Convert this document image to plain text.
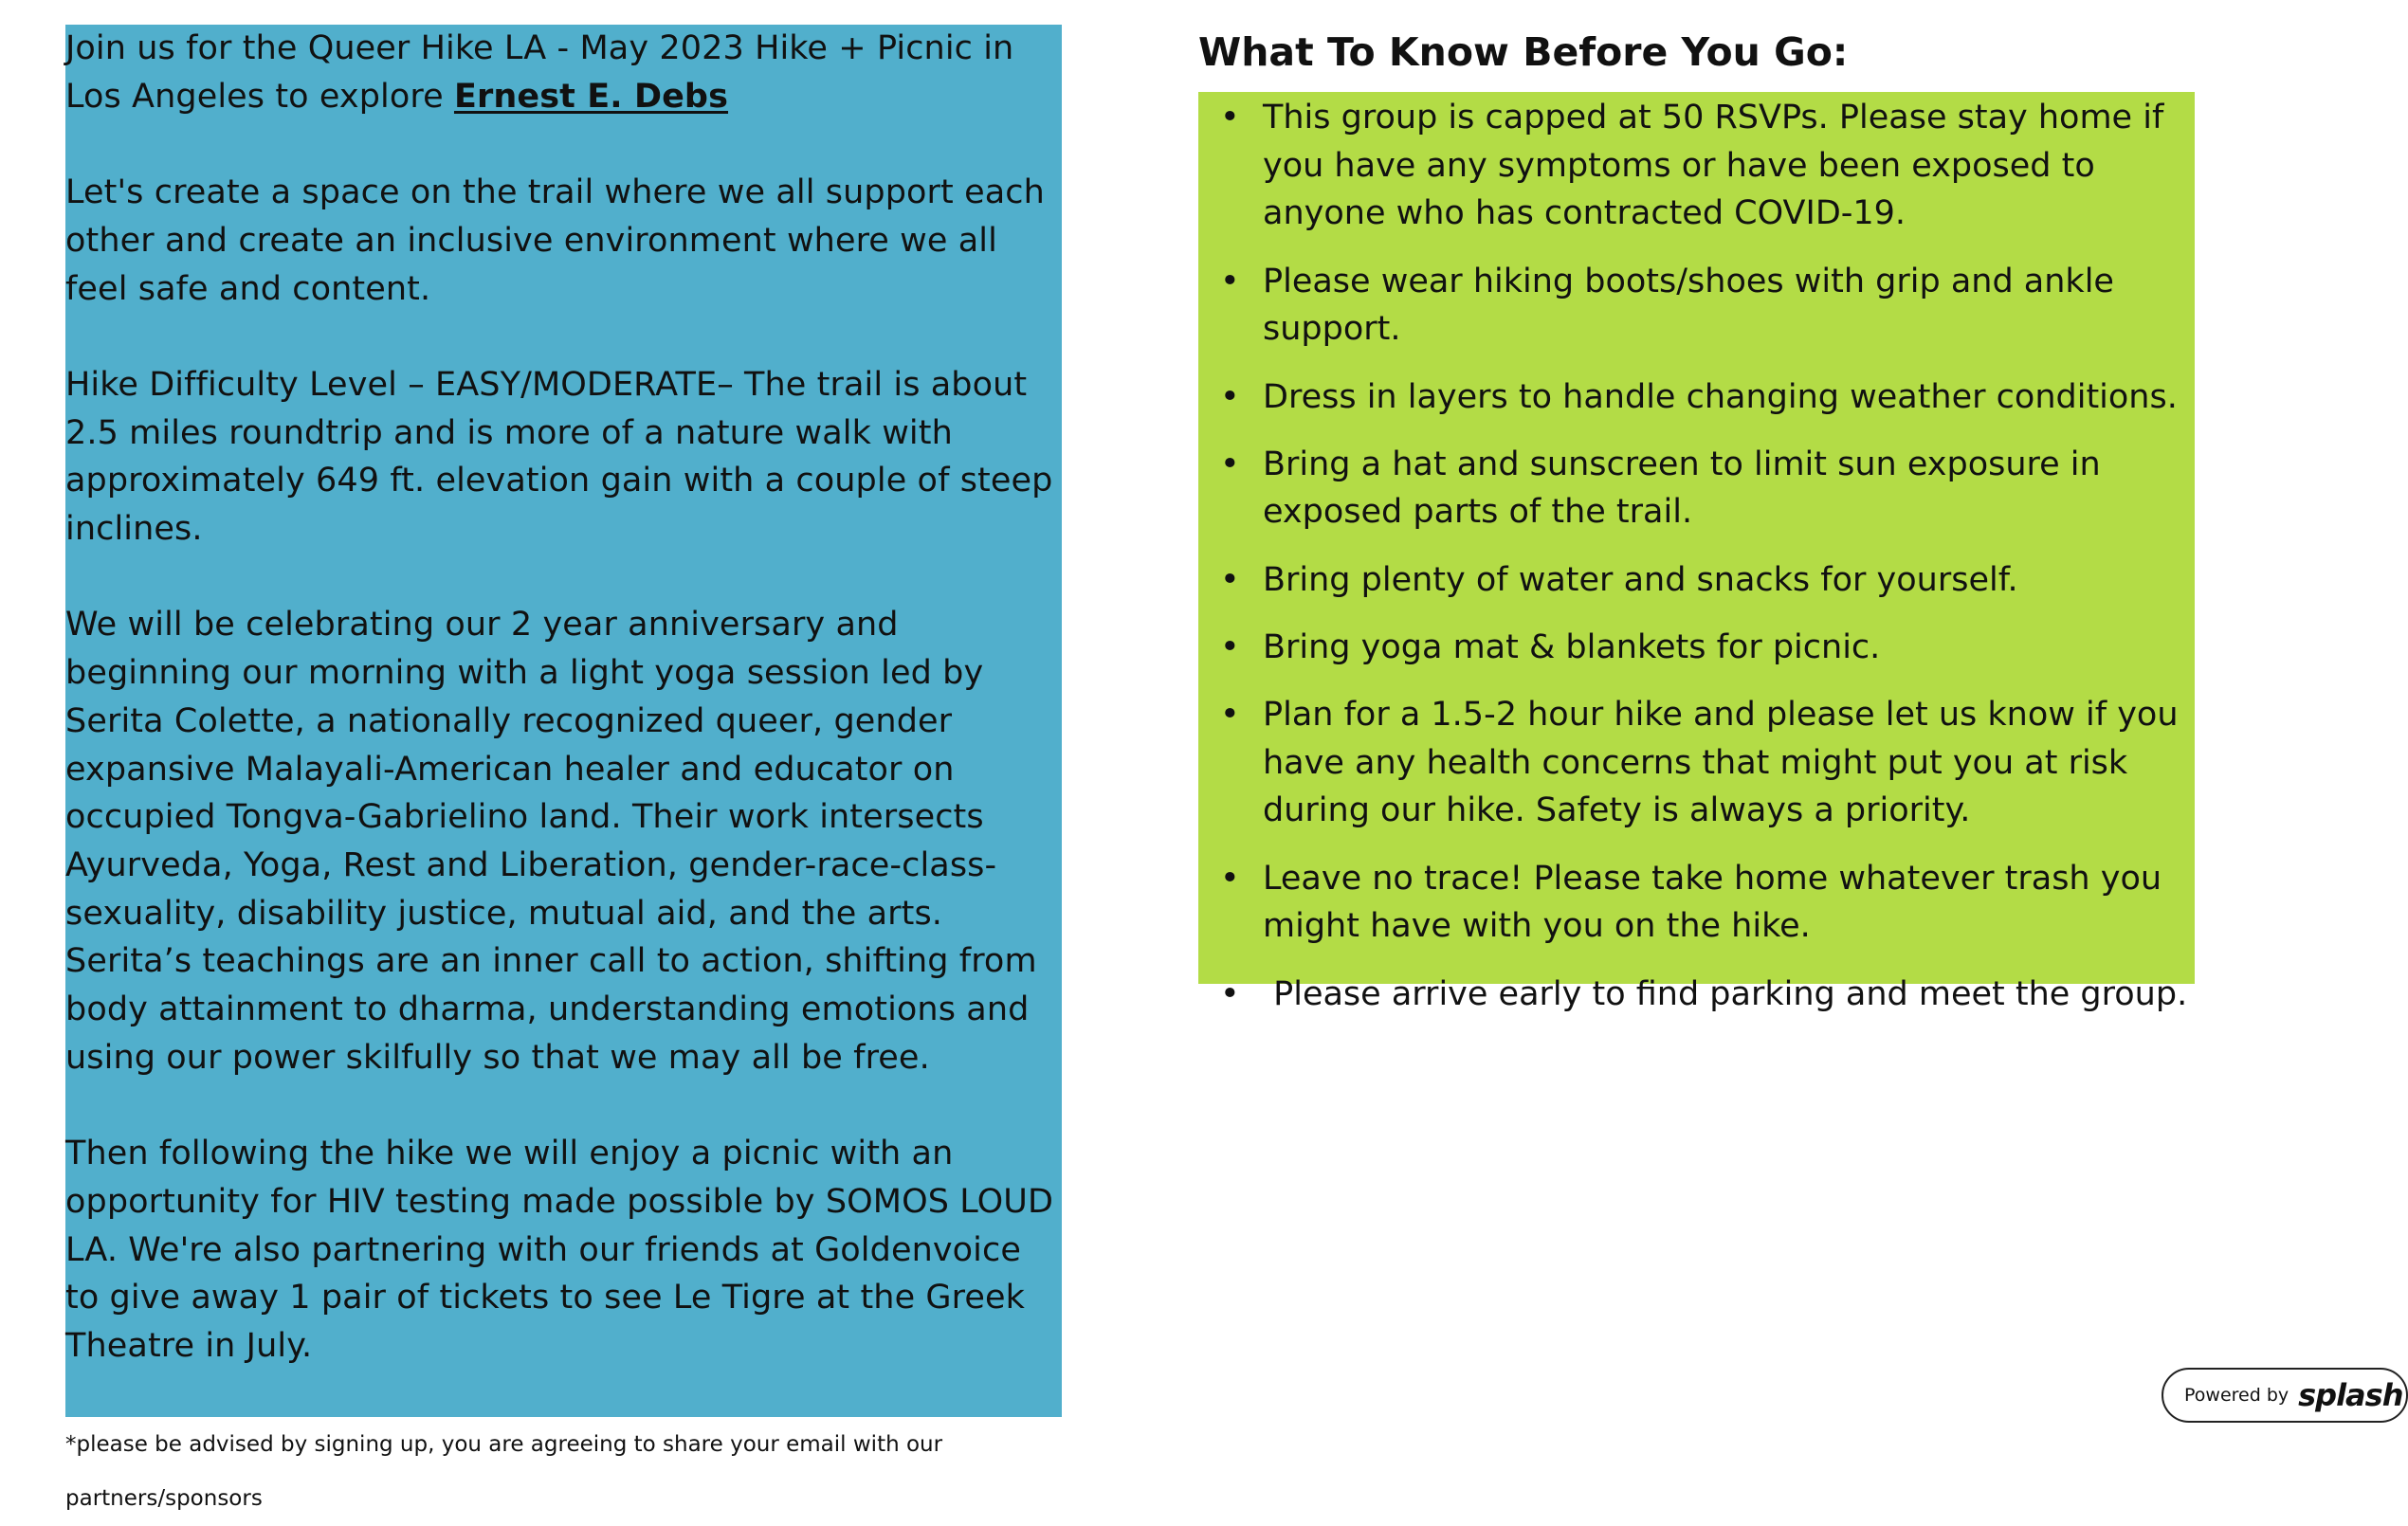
Join us for the Queer Hike LA - May 2023 Hike + Picnic in Los Angeles to explore Ernest E. Debs

Let's create a space on the trail where we all support each other and create an inclusive environment where we all feel safe and content.

Hike Difficulty Level – EASY/MODERATE– The trail is about 2.5 miles roundtrip and is more of a nature walk with approximately 649 ft. elevation gain with a couple of steep inclines.

We will be celebrating our 2 year anniversary and beginning our morning with a light yoga session led by Serita Colette, a nationally recognized queer, gender expansive Malayali-American healer and educator on occupied Tongva-Gabrielino land. Their work intersects Ayurveda, Yoga, Rest and Liberation, gender-race-class-sexuality, disability justice, mutual aid, and the arts. Serita’s teachings are an inner call to action, shifting from body attainment to dharma, understanding emotions and using our power skilfully so that we may all be free.

Then following the hike we will enjoy a picnic with an opportunity for HIV testing made possible by SOMOS LOUD LA. We're also partnering with our friends at Goldenvoice to give away 1 pair of tickets to see Le Tigre at the Greek Theatre in July.

*please be advised by signing up, you are agreeing to share your email with our partners/sponsors
What To Know Before You Go:
• This group is capped at 50 RSVPs. Please stay home if you have any symptoms or have been exposed to anyone who has contracted COVID-19.
• Please wear hiking boots/shoes with grip and ankle support.
• Dress in layers to handle changing weather conditions.
• Bring a hat and sunscreen to limit sun exposure in exposed parts of the trail.
• Bring plenty of water and snacks for yourself.
• Bring yoga mat & blankets for picnic.
• Plan for a 1.5-2 hour hike and please let us know if you have any health concerns that might put you at risk during our hike. Safety is always a priority.
• Leave no trace! Please take home whatever trash you might have with you on the hike.
• Please arrive early to find parking and meet the group.
Powered by splash
